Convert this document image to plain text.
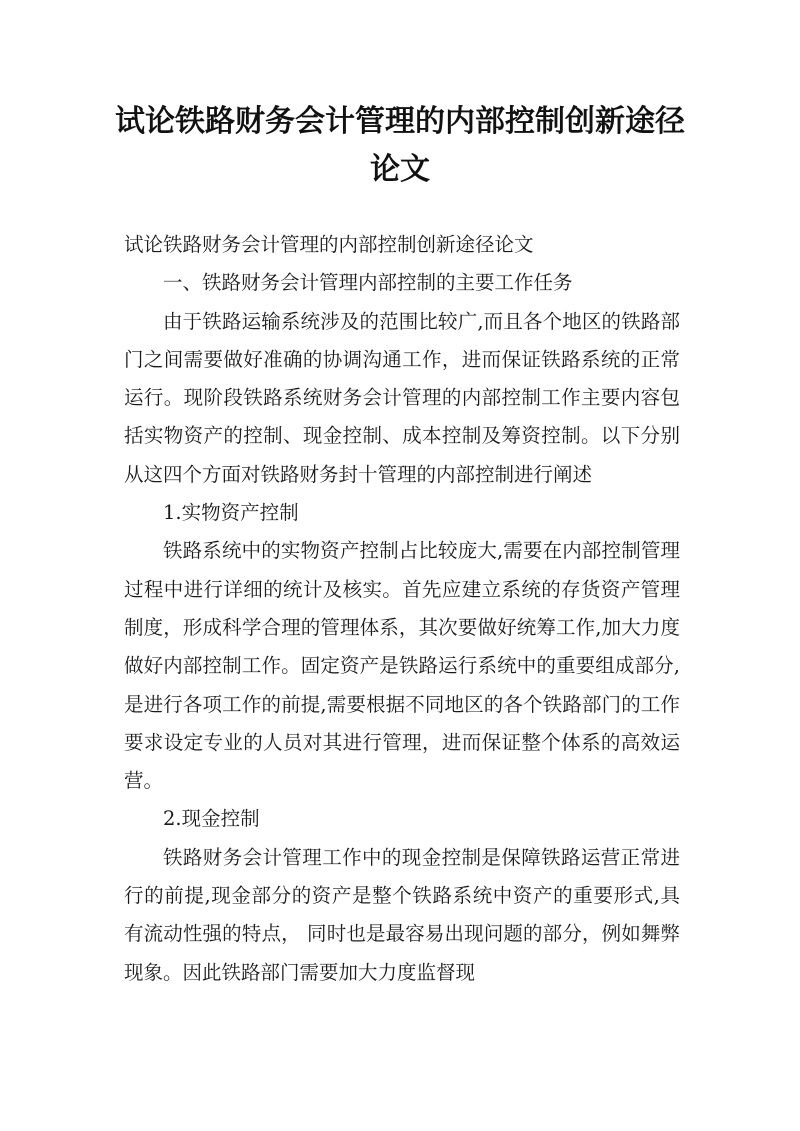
试论铁路财务会计管理的内部控制创新途径论文

试论铁路财务会计管理的内部控制创新途径论文

一、铁路财务会计管理内部控制的主要工作任务

由于铁路运输系统涉及的范围比较广,而且各个地区的铁路部门之间需要做好准确的协调沟通工作，进而保证铁路系统的正常运行。现阶段铁路系统财务会计管理的内部控制工作主要内容包括实物资产的控制、现金控制、成本控制及筹资控制。以下分别从这四个方面对铁路财务封十管理的内部控制进行阐述

1.实物资产控制

铁路系统中的实物资产控制占比较庞大,需要在内部控制管理过程中进行详细的统计及核实。首先应建立系统的存货资产管理制度，形成科学合理的管理体系，其次要做好统筹工作,加大力度做好内部控制工作。固定资产是铁路运行系统中的重要组成部分,是进行各项工作的前提,需要根据不同地区的各个铁路部门的工作要求设定专业的人员对其进行管理，进而保证整个体系的高效运营。

2.现金控制

铁路财务会计管理工作中的现金控制是保障铁路运营正常进行的前提,现金部分的资产是整个铁路系统中资产的重要形式,具有流动性强的特点， 同时也是最容易出现问题的部分，例如舞弊现象。因此铁路部门需要加大力度监督现
